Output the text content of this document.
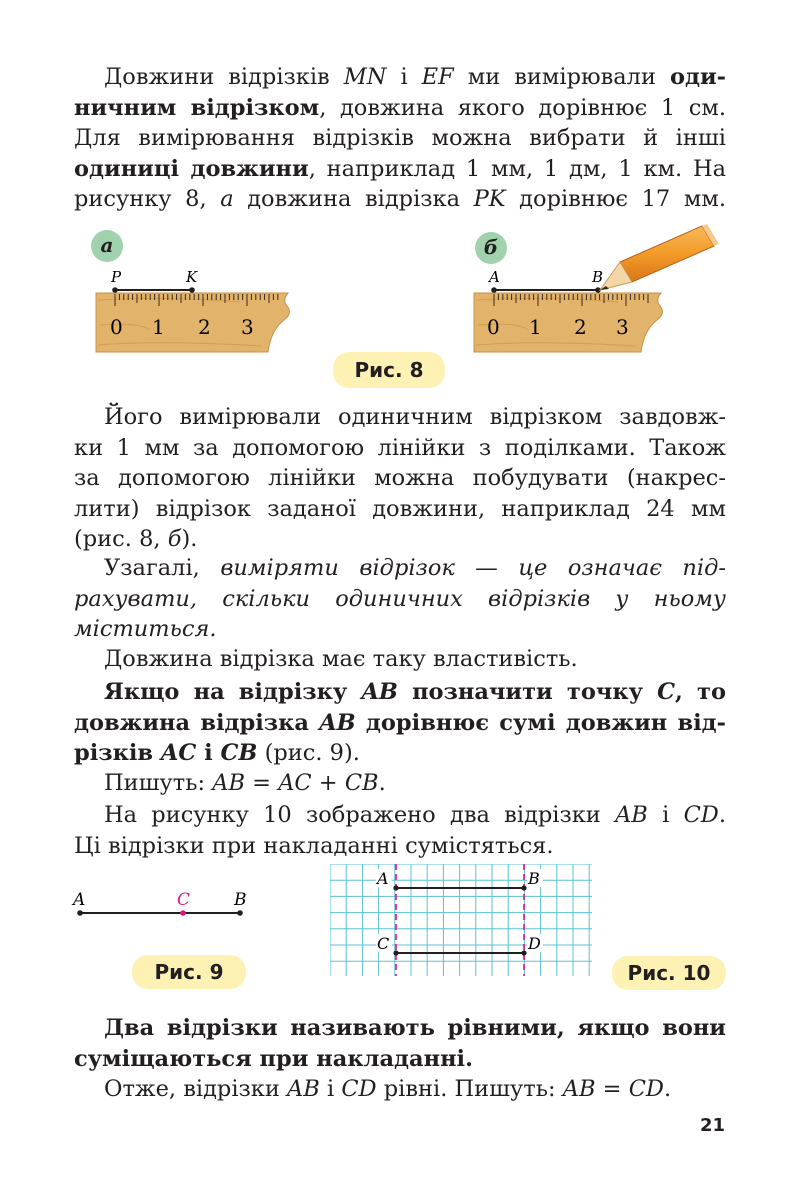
Довжини відрізків MN і EF ми вимірювали оди-
ничним відрізком, довжина якого дорівнює 1 см.
Для вимірювання відрізків можна вибрати й інші
одиниці довжини, наприклад 1 мм, 1 дм, 1 км. На
рисунку 8, а довжина відрізка PK дорівнює 17 мм.
а	б
P	K
0 1 2 3
A	B
0 1 2 3
Рис. 8
Його вимірювали одиничним відрізком завдовж-
ки 1 мм за допомогою лінійки з поділками. Також
за допомогою лінійки можна побудувати (накрес-
лити) відрізок заданої довжини, наприклад 24 мм
(рис. 8, б).
Узагалі, виміряти відрізок — це означає під-
рахувати, скільки одиничних відрізків у ньому
міститься.
Довжина відрізка має таку властивість.
Якщо на відрізку AB позначити точку C, то
довжина відрізка AB дорівнює сумі довжин від-
різків AC і CB (рис. 9).
Пишуть: AB = AC + CB.
На рисунку 10 зображено два відрізки AB і CD.
Ці відрізки при накладанні сумістяться.
A	C	B
Рис. 9
A	B
C	D
Рис. 10
Два відрізки називають рівними, якщо вони
суміщаються при накладанні.
Отже, відрізки AB і CD рівні. Пишуть: AB = CD.
21
